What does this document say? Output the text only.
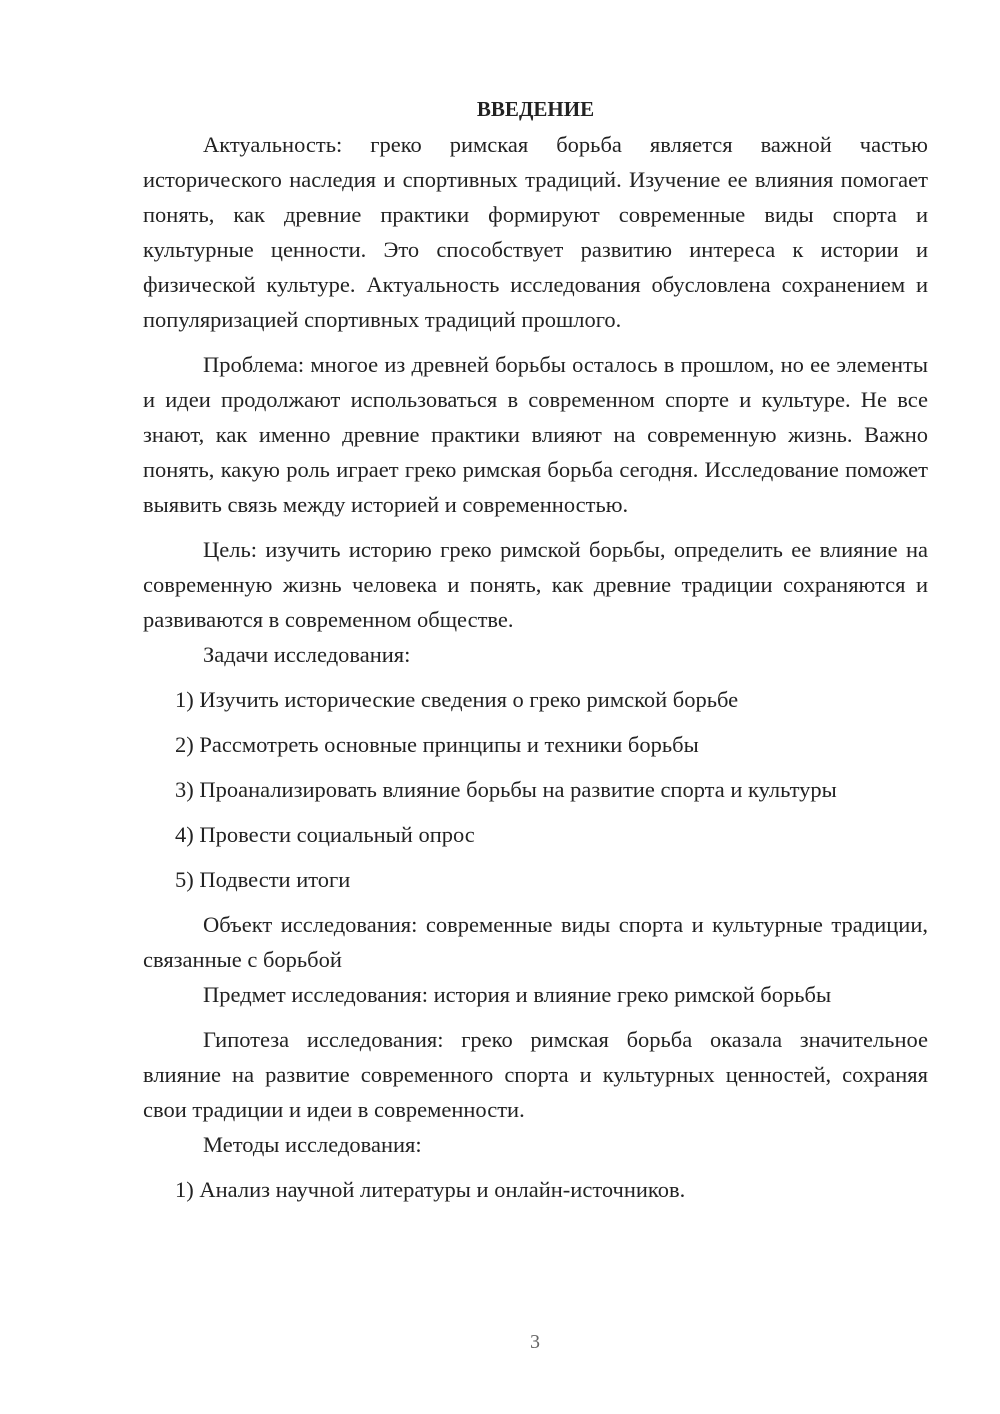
ВВЕДЕНИЕ

Актуальность: греко римская борьба является важной частью исторического наследия и спортивных традиций. Изучение ее влияния помогает понять, как древние практики формируют современные виды спорта и культурные ценности. Это способствует развитию интереса к истории и физической культуре. Актуальность исследования обусловлена сохранением и популяризацией спортивных традиций прошлого.

Проблема: многое из древней борьбы осталось в прошлом, но ее элементы и идеи продолжают использоваться в современном спорте и культуре. Не все знают, как именно древние практики влияют на современную жизнь. Важно понять, какую роль играет греко римская борьба сегодня. Исследование поможет выявить связь между историей и современностью.

Цель: изучить историю греко римской борьбы, определить ее влияние на современную жизнь человека и понять, как древние традиции сохраняются и развиваются в современном обществе.

Задачи исследования:

1) Изучить исторические сведения о греко римской борьбе

2) Рассмотреть основные принципы и техники борьбы

3) Проанализировать влияние борьбы на развитие спорта и культуры

4) Провести социальный опрос

5) Подвести итоги

Объект исследования: современные виды спорта и культурные традиции, связанные с борьбой

Предмет исследования: история и влияние греко римской борьбы

Гипотеза исследования: греко римская борьба оказала значительное влияние на развитие современного спорта и культурных ценностей, сохраняя свои традиции и идеи в современности.

Методы исследования:

1) Анализ научной литературы и онлайн-источников.

3
